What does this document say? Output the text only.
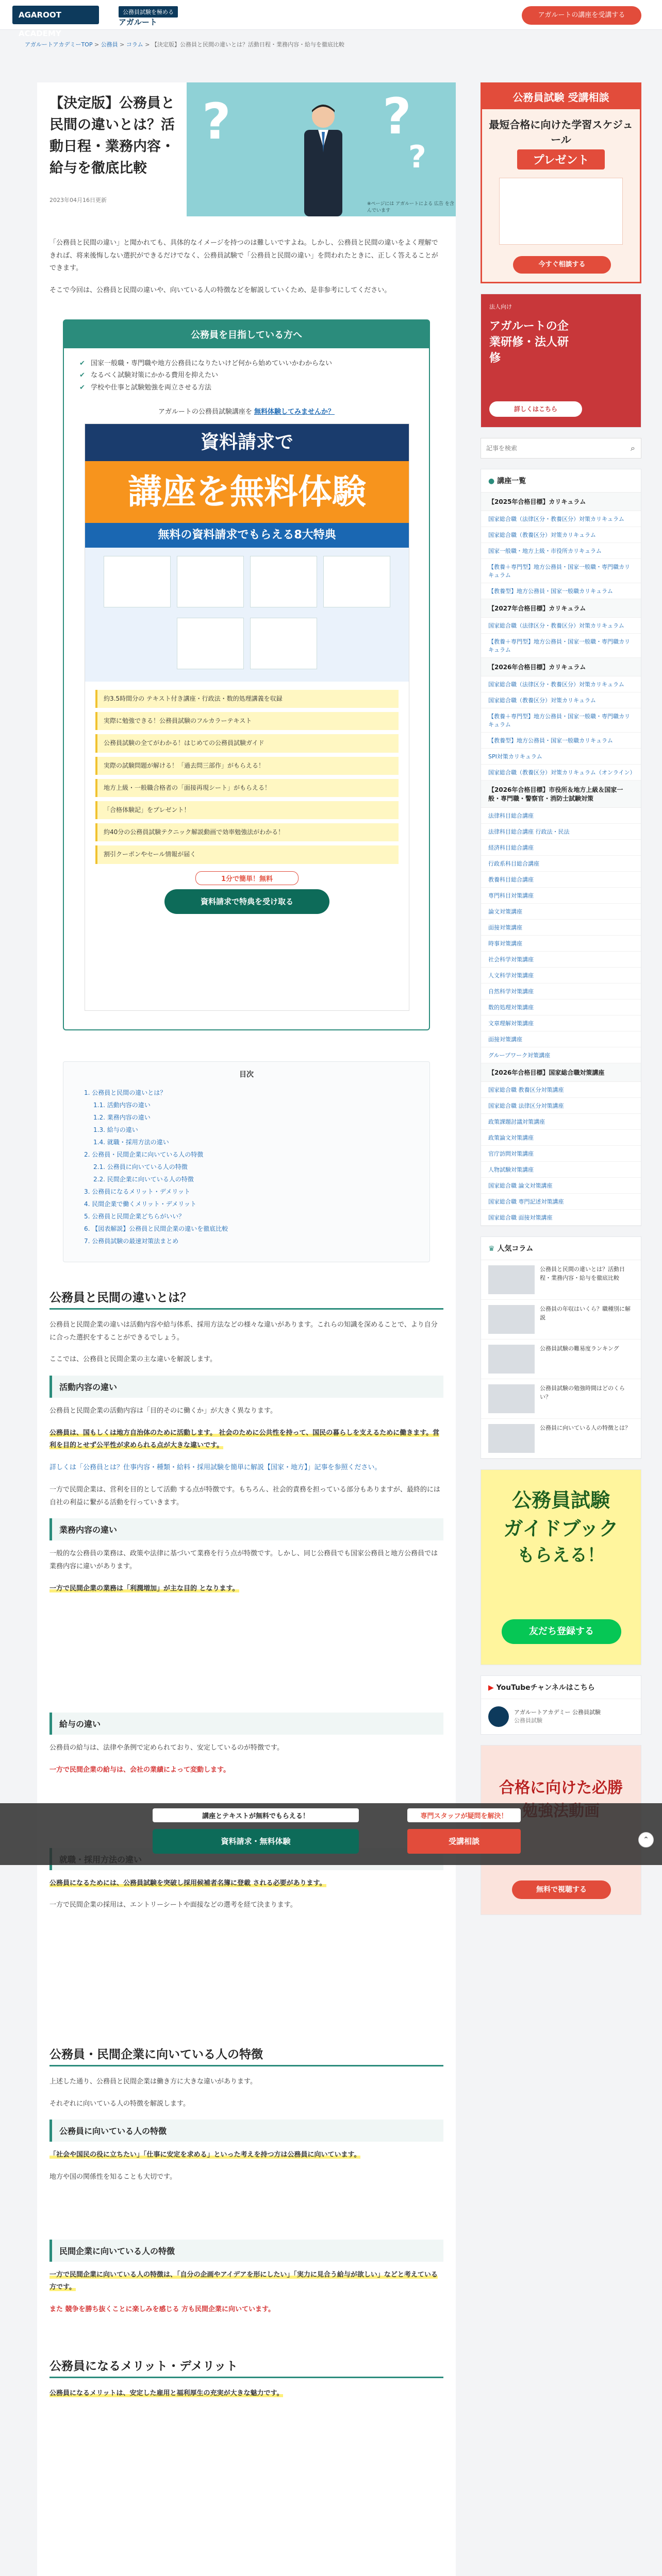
AGAROOT ACADEMY
公務員試験を極める
アガルート
アガルートの講座を受講する
アガルートアカデミーTOP > 公務員 > コラム > 【決定版】公務員と民間の違いとは？活動日程・業務内容・給与を徹底比較
【決定版】公務員と民間の違いとは？活動日程・業務内容・給与を徹底比較
2023年04月16日更新
?	?
?
※ページには アガルートによる 広告 を含んでいます

「公務員と民間の違い」と聞かれても、具体的なイメージを持つのは難しいですよね。しかし、公務員と民間の違いをよく理解できれば、将来後悔しない選択ができるだけでなく、公務員試験で「公務員と民間の違い」を問われたときに、正しく答えることができます。

そこで今回は、公務員と民間の違いや、向いている人の特徴などを解説していくため、是非参考にしてください。

公務員を目指している方へ
✔ 国家一般職・専門職や地方公務員になりたいけど何から始めていいかわからない
✔ なるべく試験対策にかかる費用を抑えたい
✔ 学校や仕事と試験勉強を両立させる方法
アガルートの公務員試験講座を 無料体験してみませんか？
資料請求で
講座を無料体験
無料の資料請求でもらえる8大特典
約3.5時間分の テキスト付き講座・行政法・数的処理講義を収録
実際に勉強できる！公務員試験のフルカラーテキスト
公務員試験の全てがわかる！はじめての公務員試験ガイド
実際の試験問題が解ける！「過去問三部作」がもらえる！
地方上級・一般職合格者の「面接再現シート」がもらえる！
「合格体験記」をプレゼント！
約40分の公務員試験テクニック解説動画で効率勉強法がわかる！
割引クーポンやセール情報が届く
1分で簡単！無料
資料請求で特典を受け取る
目次
1. 公務員と民間の違いとは？
1.1. 活動内容の違い
1.2. 業務内容の違い
1.3. 給与の違い
1.4. 就職・採用方法の違い
2. 公務員・民間企業に向いている人の特徴
2.1. 公務員に向いている人の特徴
2.2. 民間企業に向いている人の特徴
3. 公務員になるメリット・デメリット
4. 民間企業で働くメリット・デメリット
5. 公務員と民間企業どちらがいい？
6. 【図表解説】公務員と民間企業の違いを徹底比較
7. 公務員試験の最速対策法まとめ
公務員と民間の違いとは？

公務員と民間企業の違いは活動内容や給与体系、採用方法などの様々な違いがあります。これらの知識を深めることで、より自分に合った選択をすることができるでしょう。

ここでは、公務員と民間企業の主な違いを解説します。

活動内容の違い

公務員と民間企業の活動内容は「目的そのに働くか」が大きく異なります。

公務員は、国もしくは地方自治体のために活動します。 社会のために公共性を持って、国民の暮らしを支えるために働きます。営利を目的とせず公平性が求められる点が大きな違いです。

詳しくは「公務員とは？仕事内容・種類・給料・採用試験を簡単に解説【国家・地方】」記事を参照ください。

一方で民間企業は、営利を目的として活動 する点が特徴です。もちろん、社会的責務を担っている部分もありますが、最終的には自社の利益に繋がる活動を行っていきます。

業務内容の違い

一般的な公務員の業務は、政策や法律に基づいて業務を行う点が特徴です。しかし、同じ公務員でも国家公務員と地方公務員では業務内容に違いがあります。

一方で民間企業の業務は「利潤増加」が主な目的 となります。

給与の違い

公務員の給与は、法律や条例で定められており、安定しているのが特徴です。

一方で民間企業の給与は、会社の業績によって変動します。

公務員になるためには、公務員試験を突破し採用候補者名簿に登載 される必要があります。

一方で民間企業の採用は、エントリーシートや面接などの選考を経て決まります。

公務員・民間企業に向いている人の特徴

上述した通り、公務員と民間企業は働き方に大きな違いがあります。

それぞれに向いている人の特徴を解説します。

公務員に向いている人の特徴

「社会や国民の役に立ちたい」「仕事に安定を求める」といった考えを持つ方は公務員に向いています。

地方や国の関係性を知ることも大切です。

民間企業に向いている人の特徴

一方で民間企業に向いている人の特徴は、「自分の企画やアイデアを形にしたい」「実力に見合う給与が欲しい」などと考えている方です。

また 競争を勝ち抜くことに楽しみを感じる 方も民間企業に向いています。

公務員になるメリット・デメリット

公務員になるメリットは、安定した雇用と福利厚生の充実が大きな魅力です。

公務員試験 受講相談
最短合格に向けた学習スケジュール
プレゼント
今すぐ相談する
法人向け
アガルートの企業研修・法人研修
詳しくはこちら
記事を検索
⌕
● 講座一覧
【2025年合格目標】カリキュラム
国家総合職（法律区分・教養区分）対策カリキュラム
国家総合職（教養区分）対策カリキュラム
国家一般職・地方上級・市役所カリキュラム
【教養＋専門型】地方公務員・国家一般職・専門職カリキュラム
【教養型】地方公務員・国家一般職カリキュラム
【2027年合格目標】カリキュラム
国家総合職（法律区分・教養区分）対策カリキュラム
【教養＋専門型】地方公務員・国家一般職・専門職カリキュラム
【2026年合格目標】カリキュラム
国家総合職（法律区分・教養区分）対策カリキュラム
国家総合職（教養区分）対策カリキュラム
【教養＋専門型】地方公務員・国家一般職・専門職カリキュラム
【教養型】地方公務員・国家一般職カリキュラム
SPI対策カリキュラム
国家総合職（教養区分）対策カリキュラム（オンライン）
【2026年合格目標】市役所＆地方上級＆国家一般・専門職・警察官・消防士試験対策
法律科目総合講座
法律科目総合講座 行政法・民法
経済科目総合講座
行政系科目総合講座
教養科目総合講座
専門科目対策講座
論文対策講座
面接対策講座
時事対策講座
社会科学対策講座
人文科学対策講座
自然科学対策講座
数的処理対策講座
文章理解対策講座
面接対策講座
グループワーク対策講座
【2026年合格目標】国家総合職対策講座
国家総合職 教養区分対策講座
国家総合職 法律区分対策講座
政策課題討議対策講座
政策論文対策講座
官庁訪問対策講座
人物試験対策講座
国家総合職 論文対策講座
国家総合職 専門記述対策講座
国家総合職 面接対策講座
♛ 人気コラム
公務員と民間の違いとは？活動日程・業務内容・給与を徹底比較
公務員の年収はいくら？職種別に解説
公務員試験の難易度ランキング
公務員試験の勉強時間はどのくらい？
公務員に向いている人の特徴とは？
公務員試験
ガイドブック
もらえる！
友だち登録する
▶ YouTubeチャンネルはこちら
アガルートアカデミー 公務員試験
公務員試験
合格に向けた必勝
無料で視聴する
講座とテキストが無料でもらえる！
資料請求・無料体験
専門スタッフが疑問を解決！
受講相談	⌃
